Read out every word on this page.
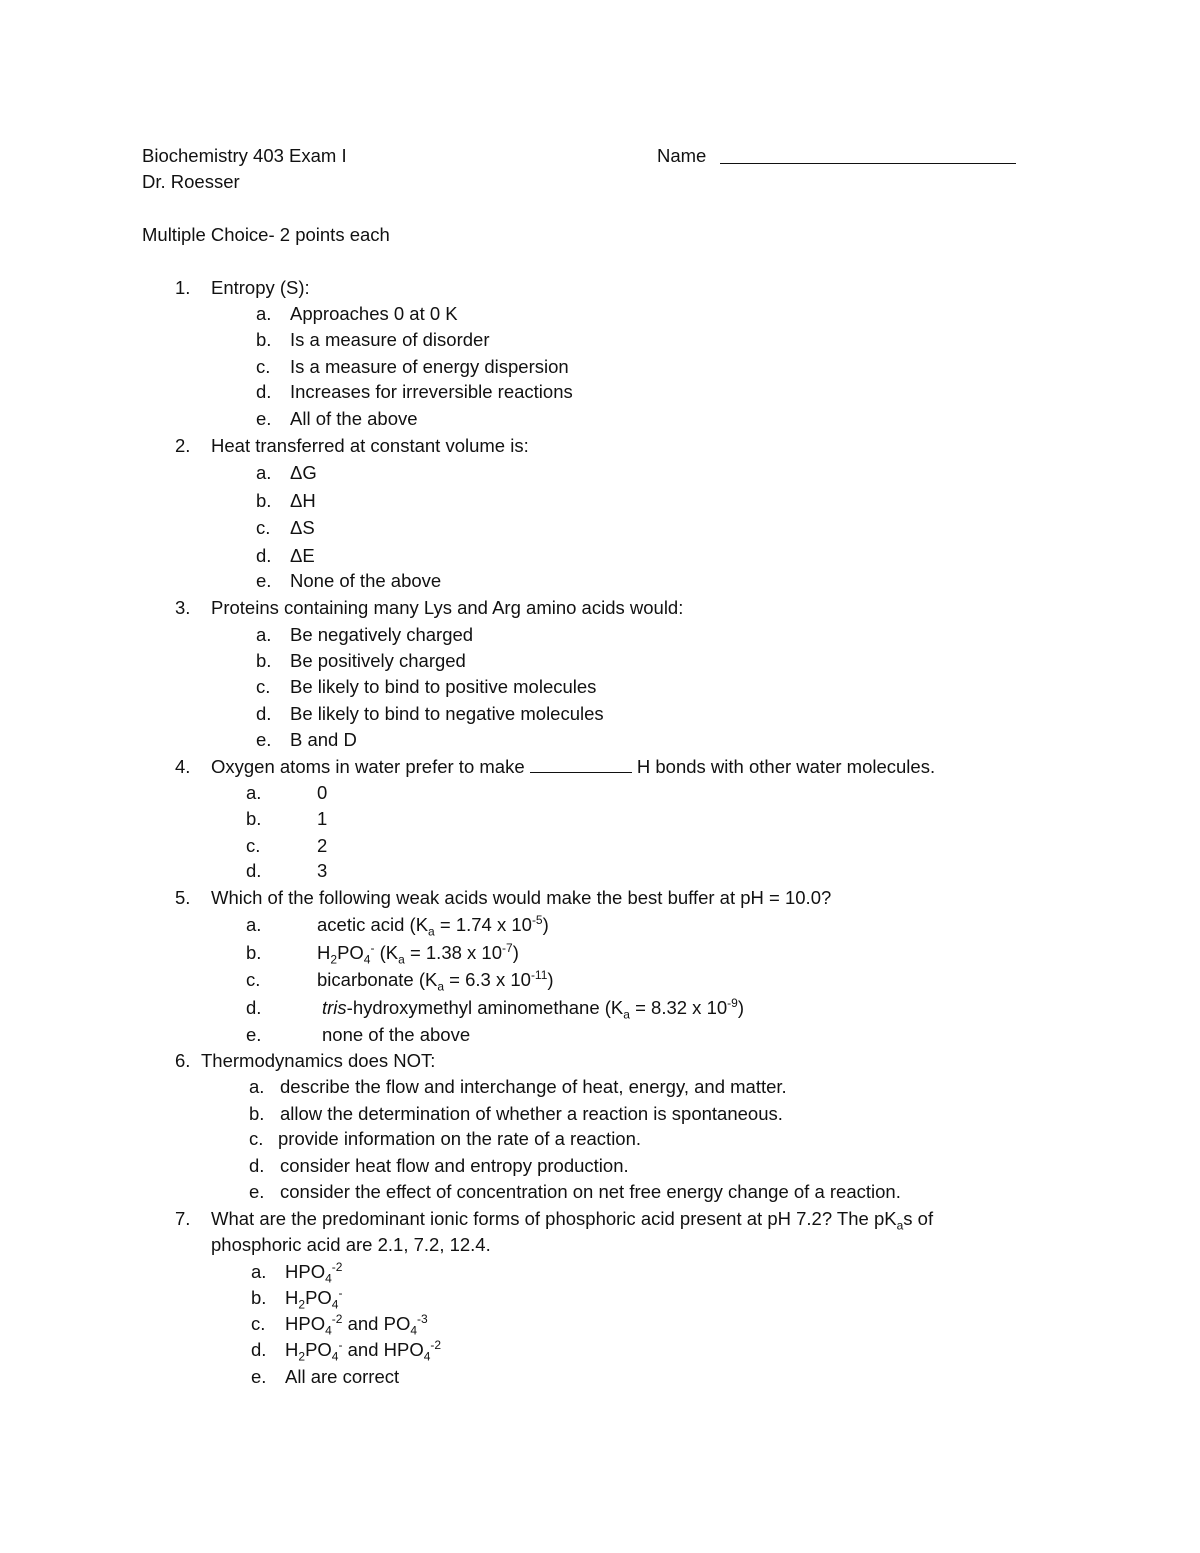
Biochemistry 403 Exam I
Dr. Roesser
Name
Multiple Choice- 2 points each
1. Entropy (S):
a. Approaches 0 at 0 K
b. Is a measure of disorder
c. Is a measure of energy dispersion
d. Increases for irreversible reactions
e. All of the above
2. Heat transferred at constant volume is:
a. ΔG
b. ΔH
c. ΔS
d. ΔE
e. None of the above
3. Proteins containing many Lys and Arg amino acids would:
a. Be negatively charged
b. Be positively charged
c. Be likely to bind to positive molecules
d. Be likely to bind to negative molecules
e. B and D
4. Oxygen atoms in water prefer to make	H bonds with other water molecules.
a.	0
b.	1
c.	2
d.	3
5. Which of the following weak acids would make the best buffer at pH = 10.0?
a.	acetic acid ($K_a = 1.74$ x $10^{-5}$)
b.	$H_2PO_4^-$ ($K_a = 1.38$ x $10^{-7}$)
c.	bicarbonate ($K_a = 6.3$ x $10^{-11}$)
d.	tris-hydroxymethyl aminomethane ($K_a = 8.32$ x $10^{-9}$)
e.	none of the above
6. Thermodynamics does NOT:
a. describe the flow and interchange of heat, energy, and matter.
b. allow the determination of whether a reaction is spontaneous.
c. provide information on the rate of a reaction.
d. consider heat flow and entropy production.
e. consider the effect of concentration on net free energy change of a reaction.
7. What are the predominant ionic forms of phosphoric acid present at pH 7.2? The $pK_as$ of
phosphoric acid are 2.1, 7.2, 12.4.
a. $HPO_4^{-2}$
b. $H_2PO_4^-$
c. $HPO_4^{-2}$ and $PO_4^{-3}$
d. $H_2PO_4^-$ and $HPO_4^{-2}$
e. All are correct
